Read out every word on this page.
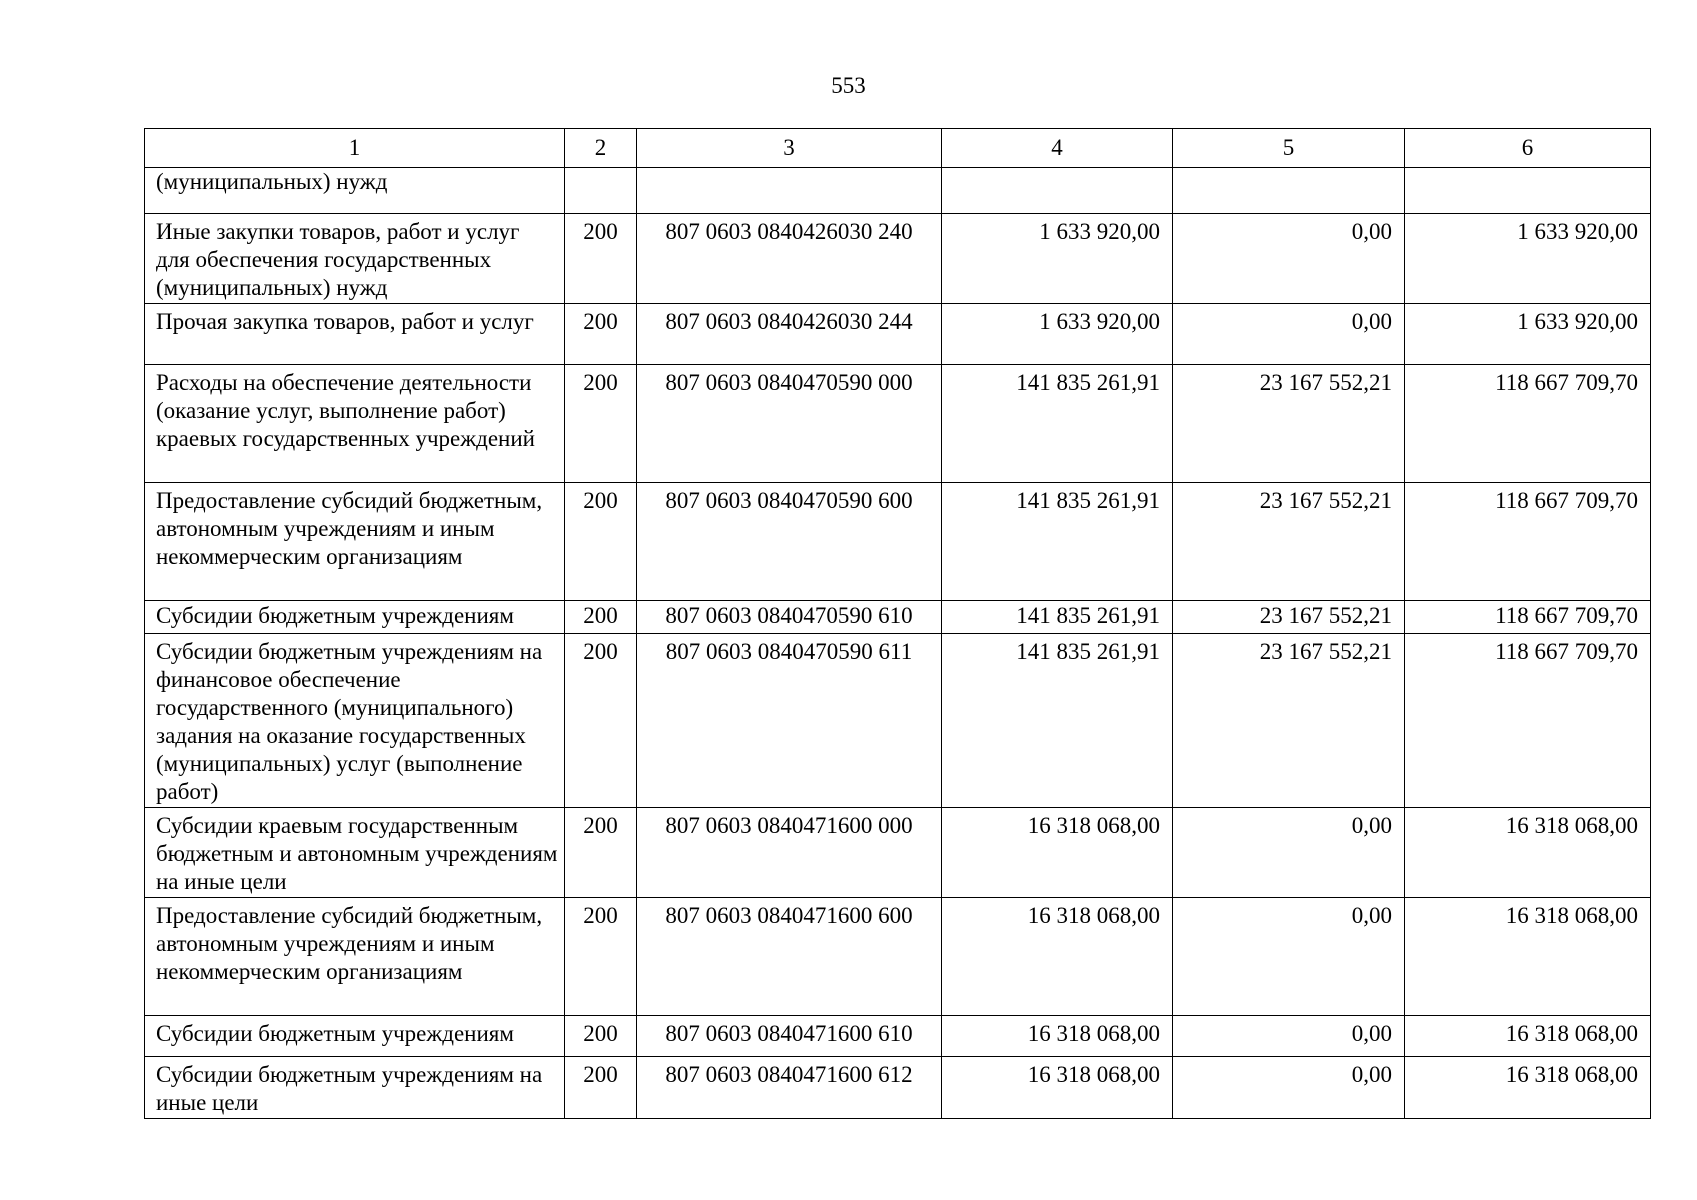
553
1	2	3	4	5	6
(муниципальных) нужд					
Иные закупки товаров, работ и услуг для обеспечения государственных (муниципальных) нужд	200	807 0603 0840426030 240	1 633 920,00	0,00	1 633 920,00
Прочая закупка товаров, работ и услуг	200	807 0603 0840426030 244	1 633 920,00	0,00	1 633 920,00
Расходы на обеспечение деятельности (оказание услуг, выполнение работ) краевых государственных учреждений	200	807 0603 0840470590 000	141 835 261,91	23 167 552,21	118 667 709,70
Предоставление субсидий бюджетным, автономным учреждениям и иным некоммерческим организациям	200	807 0603 0840470590 600	141 835 261,91	23 167 552,21	118 667 709,70
Субсидии бюджетным учреждениям	200	807 0603 0840470590 610	141 835 261,91	23 167 552,21	118 667 709,70
Субсидии бюджетным учреждениям на финансовое обеспечение государственного (муниципального) задания на оказание государственных (муниципальных) услуг (выполнение работ)	200	807 0603 0840470590 611	141 835 261,91	23 167 552,21	118 667 709,70
Субсидии краевым государственным бюджетным и автономным учреждениям на иные цели	200	807 0603 0840471600 000	16 318 068,00	0,00	16 318 068,00
Предоставление субсидий бюджетным, автономным учреждениям и иным некоммерческим организациям	200	807 0603 0840471600 600	16 318 068,00	0,00	16 318 068,00
Субсидии бюджетным учреждениям	200	807 0603 0840471600 610	16 318 068,00	0,00	16 318 068,00
Субсидии бюджетным учреждениям на иные цели	200	807 0603 0840471600 612	16 318 068,00	0,00	16 318 068,00
